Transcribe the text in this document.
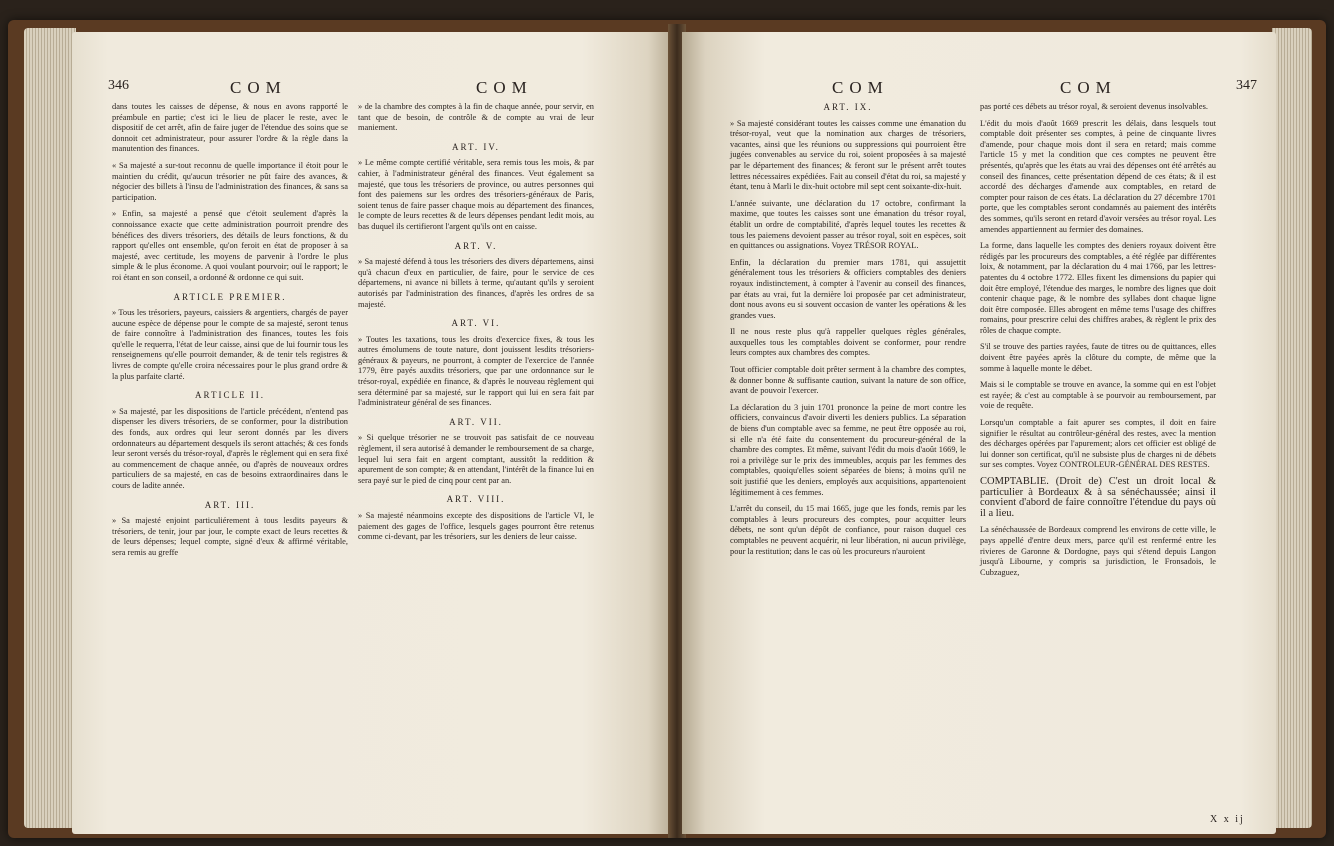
346	COM	COM

dans toutes les caisses de dépense, & nous en avons rapporté le préambule en partie; c'est ici le lieu de placer le reste, avec le dispositif de cet arrêt, afin de faire juger de l'étendue des soins que se donnoit cet administrateur, pour assurer l'ordre & la règle dans la manutention des finances.

« Sa majesté a sur-tout reconnu de quelle importance il étoit pour le maintien du crédit, qu'aucun trésorier ne pût faire des avances, & négocier des billets à l'insu de l'administration des finances, & sans sa participation.

» Enfin, sa majesté a pensé que c'étoit seulement d'après la connoissance exacte que cette administration pourroit prendre des bénéfices des divers trésoriers, des détails de leurs fonctions, & du rapport qu'elles ont ensemble, qu'on feroit en état de proposer à sa majesté, avec certitude, les moyens de parvenir à l'ordre le plus simple & le plus économe. A quoi voulant pourvoir; ouï le rapport; le roi étant en son conseil, a ordonné & ordonne ce qui suit.

ARTICLE PREMIER.

» Tous les trésoriers, payeurs, caissiers & argentiers, chargés de payer aucune espèce de dépense pour le compte de sa majesté, seront tenus de faire connoître à l'administration des finances, toutes les fois qu'elle le requerra, l'état de leur caisse, ainsi que de lui fournir tous les renseignemens qu'elle pourroit demander, & de tenir tels registres & livres de compte qu'elle croira nécessaires pour le plus grand ordre & la plus parfaite clarté.

ARTICLE II.

» Sa majesté, par les dispositions de l'article précédent, n'entend pas dispenser les divers trésoriers, de se conformer, pour la distribution des fonds, aux ordres qui leur seront donnés par les divers ordonnateurs au département desquels ils seront attachés; & ces fonds leur seront versés du trésor-royal, d'après le règlement qui en sera fixé au commencement de chaque année, ou d'après de nouveaux ordres particuliers de sa majesté, en cas de besoins extraordinaires dans le cours de ladite année.

ART. III.

» Sa majesté enjoint particuliérement à tous lesdits payeurs & trésoriers, de tenir, jour par jour, le compte exact de leurs recettes & de leurs dépenses; lequel compte, signé d'eux & affirmé véritable, sera remis au greffe

» de la chambre des comptes à la fin de chaque année, pour servir, en tant que de besoin, de contrôle & de compte au vrai de leur maniement.

ART. IV.

» Le même compte certifié véritable, sera remis tous les mois, & par cahier, à l'administrateur général des finances. Veut également sa majesté, que tous les trésoriers de province, ou autres personnes qui font des paiemens sur les ordres des trésoriers-généraux de Paris, soient tenus de faire passer chaque mois au département des finances, le compte de leurs recettes & de leurs dépenses pendant ledit mois, au bas duquel ils certifieront l'argent qu'ils ont en caisse.

ART. V.

» Sa majesté défend à tous les trésoriers des divers départemens, ainsi qu'à chacun d'eux en particulier, de faire, pour le service de ces départemens, ni avance ni billets à terme, qu'autant qu'ils y seroient autorisés par l'administration des finances, d'après les ordres de sa majesté.

ART. VI.

» Toutes les taxations, tous les droits d'exercice fixes, & tous les autres émolumens de toute nature, dont jouissent lesdits trésoriers-généraux & payeurs, ne pourront, à compter de l'exercice de l'année 1779, être payés auxdits trésoriers, que par une ordonnance sur le trésor-royal, expédiée en finance, & d'après le nouveau règlement qui sera déterminé par sa majesté, sur le rapport qui lui en sera fait par l'administrateur général de ses finances.

ART. VII.

» Si quelque trésorier ne se trouvoit pas satisfait de ce nouveau règlement, il sera autorisé à demander le remboursement de sa charge, lequel lui sera fait en argent comptant, aussitôt la reddition & apurement de son compte; & en attendant, l'intérêt de la finance lui en sera payé sur le pied de cinq pour cent par an.

ART. VIII.

» Sa majesté néanmoins excepte des dispositions de l'article VI, le paiement des gages de l'office, lesquels gages pourront être retenus comme ci-devant, par les trésoriers, sur les deniers de leur caisse.

COM	COM	347

ART. IX.

» Sa majesté considérant toutes les caisses comme une émanation du trésor-royal, veut que la nomination aux charges de trésoriers, vacantes, ainsi que les réunions ou suppressions qui pourroient être jugées convenables au service du roi, soient proposées à sa majesté par le département des finances; & feront sur le présent arrêt toutes lettres nécessaires expédiées. Fait au conseil d'état du roi, sa majesté y étant, tenu à Marli le dix-huit octobre mil sept cent soixante-dix-huit.

L'année suivante, une déclaration du 17 octobre, confirmant la maxime, que toutes les caisses sont une émanation du trésor royal, établit un ordre de comptabilité, d'après lequel toutes les recettes & tous les paiemens devoient passer au trésor royal, soit en espèces, soit en quittances ou assignations. Voyez TRÉSOR ROYAL.

Enfin, la déclaration du premier mars 1781, qui assujettit généralement tous les trésoriers & officiers comptables des deniers royaux indistinctement, à compter à l'avenir au conseil des finances, par états au vrai, fut la dernière loi proposée par cet administrateur, dont nous avons eu si souvent occasion de vanter les opérations & les grandes vues.

Il ne nous reste plus qu'à rappeller quelques règles générales, auxquelles tous les comptables doivent se conformer, pour rendre leurs comptes aux chambres des comptes.

Tout officier comptable doit prêter serment à la chambre des comptes, & donner bonne & suffisante caution, suivant la nature de son office, avant de pouvoir l'exercer.

La déclaration du 3 juin 1701 prononce la peine de mort contre les officiers, convaincus d'avoir diverti les deniers publics. La séparation de biens d'un comptable avec sa femme, ne peut être opposée au roi, si elle n'a été faite du consentement du procureur-général de la chambre des comptes. Et même, suivant l'édit du mois d'août 1669, le roi a privilège sur le prix des immeubles, acquis par les femmes des comptables, quoiqu'elles soient séparées de biens; à moins qu'il ne soit justifié que les deniers, employés aux acquisitions, appartenoient légitimement à ces femmes.

L'arrêt du conseil, du 15 mai 1665, juge que les fonds, remis par les comptables à leurs procureurs des comptes, pour acquitter leurs débets, ne sont qu'un dépôt de confiance, pour raison duquel ces comptables ne peuvent acquérir, ni leur libération, ni aucun privilège, pour la restitution; dans le cas où les procureurs n'auroient

pas porté ces débets au trésor royal, & seroient devenus insolvables.

L'édit du mois d'août 1669 prescrit les délais, dans lesquels tout comptable doit présenter ses comptes, à peine de cinquante livres d'amende, pour chaque mois dont il sera en retard; mais comme l'article 15 y met la condition que ces comptes ne peuvent être présentés, qu'après que les états au vrai des dépenses ont été arrêtés au conseil des finances, cette présentation dépend de ces états; & il est accordé des décharges d'amende aux comptables, en retard de compter pour raison de ces états. La déclaration du 27 décembre 1701 porte, que les comptables seront condamnés au paiement des intérêts des sommes, qu'ils seront en retard d'avoir versées au trésor royal. Les amendes appartiennent au fermier des domaines.

La forme, dans laquelle les comptes des deniers royaux doivent être rédigés par les procureurs des comptables, a été réglée par différentes loix, & notamment, par la déclaration du 4 mai 1766, par les lettres-patentes du 4 octobre 1772. Elles fixent les dimensions du papier qui doit être employé, l'étendue des marges, le nombre des lignes que doit contenir chaque page, & le nombre des syllabes dont chaque ligne doit être composée. Elles abrogent en même tems l'usage des chiffres romains, pour prescrire celui des chiffres arabes, & règlent le prix des rôles de chaque compte.

S'il se trouve des parties rayées, faute de titres ou de quittances, elles doivent être payées après la clôture du compte, de même que la somme à laquelle monte le débet.

Mais si le comptable se trouve en avance, la somme qui en est l'objet est rayée; & c'est au comptable à se pourvoir au remboursement, par voie de requête.

Lorsqu'un comptable a fait apurer ses comptes, il doit en faire signifier le résultat au contrôleur-général des restes, avec la mention des décharges opérées par l'apurement; alors cet officier est obligé de lui donner son certificat, qu'il ne subsiste plus de charges ni de débets sur ses comptes. Voyez CONTROLEUR-GÉNÉRAL DES RESTES.

COMPTABLIE. (Droit de) C'est un droit local & particulier à Bordeaux & à sa sénéchaussée; ainsi il convient d'abord de faire connoître l'étendue du pays où il a lieu.

La sénéchaussée de Bordeaux comprend les environs de cette ville, le pays appellé d'entre deux mers, parce qu'il est renfermé entre les rivieres de Garonne & Dordogne, pays qui s'étend depuis Langon jusqu'à Libourne, y compris sa jurisdiction, le Fronsadois, le Cubzaguez,

X x ij
